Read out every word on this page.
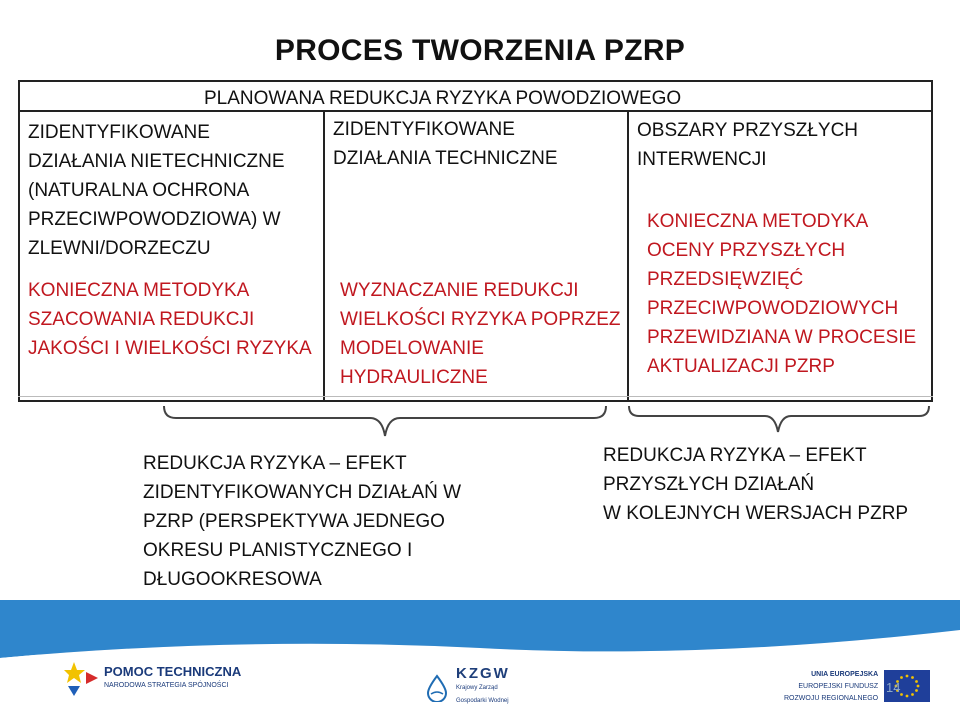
PROCES TWORZENIA PZRP
PLANOWANA REDUKCJA RYZYKA POWODZIOWEGO
ZIDENTYFIKOWANE
DZIAŁANIA NIETECHNICZNE
(NATURALNA OCHRONA
PRZECIWPOWODZIOWA) W
ZLEWNI/DORZECZU
KONIECZNA METODYKA
SZACOWANIA REDUKCJI
JAKOŚCI I WIELKOŚCI RYZYKA
ZIDENTYFIKOWANE
DZIAŁANIA TECHNICZNE
WYZNACZANIE REDUKCJI
WIELKOŚCI RYZYKA POPRZEZ
MODELOWANIE
HYDRAULICZNE
OBSZARY PRZYSZŁYCH
INTERWENCJI
KONIECZNA METODYKA
OCENY PRZYSZŁYCH
PRZEDSIĘWZIĘĆ
PRZECIWPOWODZIOWYCH
PRZEWIDZIANA W PROCESIE
AKTUALIZACJI PZRP
REDUKCJA RYZYKA – EFEKT
ZIDENTYFIKOWANYCH DZIAŁAŃ W
PZRP (PERSPEKTYWA JEDNEGO
OKRESU PLANISTYCZNEGO I
DŁUGOOKRESOWA
REDUKCJA RYZYKA – EFEKT
PRZYSZŁYCH DZIAŁAŃ
W KOLEJNYCH WERSJACH PZRP
POMOC TECHNICZNA
NARODOWA STRATEGIA SPÓJNOŚCI
KZGW
Krajowy Zarząd
Gospodarki Wodnej
UNIA EUROPEJSKA
EUROPEJSKI FUNDUSZ
ROZWOJU REGIONALNEGO
14
